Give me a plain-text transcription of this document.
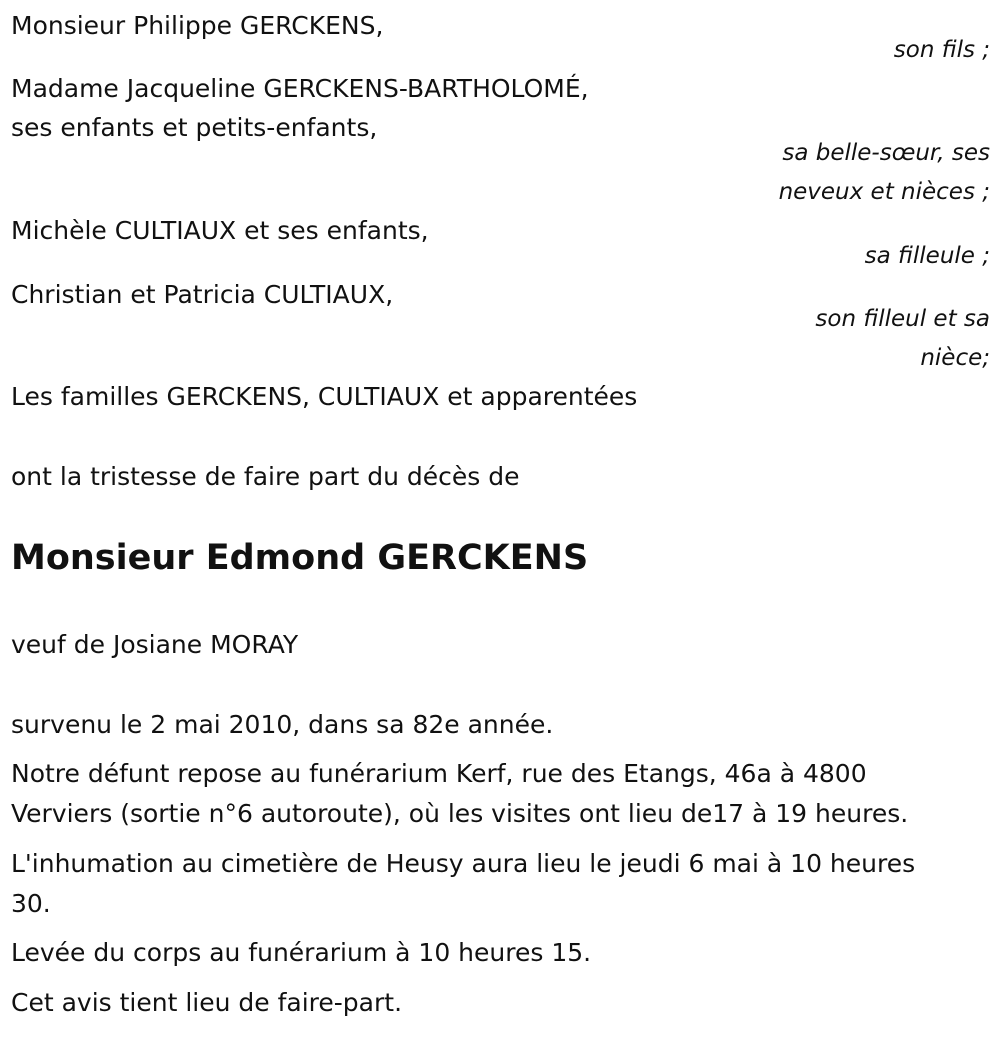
Monsieur Philippe GERCKENS,
son fils ;
Madame Jacqueline GERCKENS-BARTHOLOMÉ,
ses enfants et petits-enfants,
sa belle-sœur, ses
neveux et nièces ;
Michèle CULTIAUX et ses enfants,
sa filleule ;
Christian et Patricia CULTIAUX,
son filleul et sa
nièce;
Les familles GERCKENS, CULTIAUX et apparentées
ont la tristesse de faire part du décès de
Monsieur Edmond GERCKENS
veuf de Josiane MORAY
survenu le 2 mai 2010, dans sa 82e année.
Notre défunt repose au funérarium Kerf, rue des Etangs, 46a à 4800
Verviers (sortie n°6 autoroute), où les visites ont lieu de17 à 19 heures.
L'inhumation au cimetière de Heusy aura lieu le jeudi 6 mai à 10 heures
30.
Levée du corps au funérarium à 10 heures 15.
Cet avis tient lieu de faire-part.
